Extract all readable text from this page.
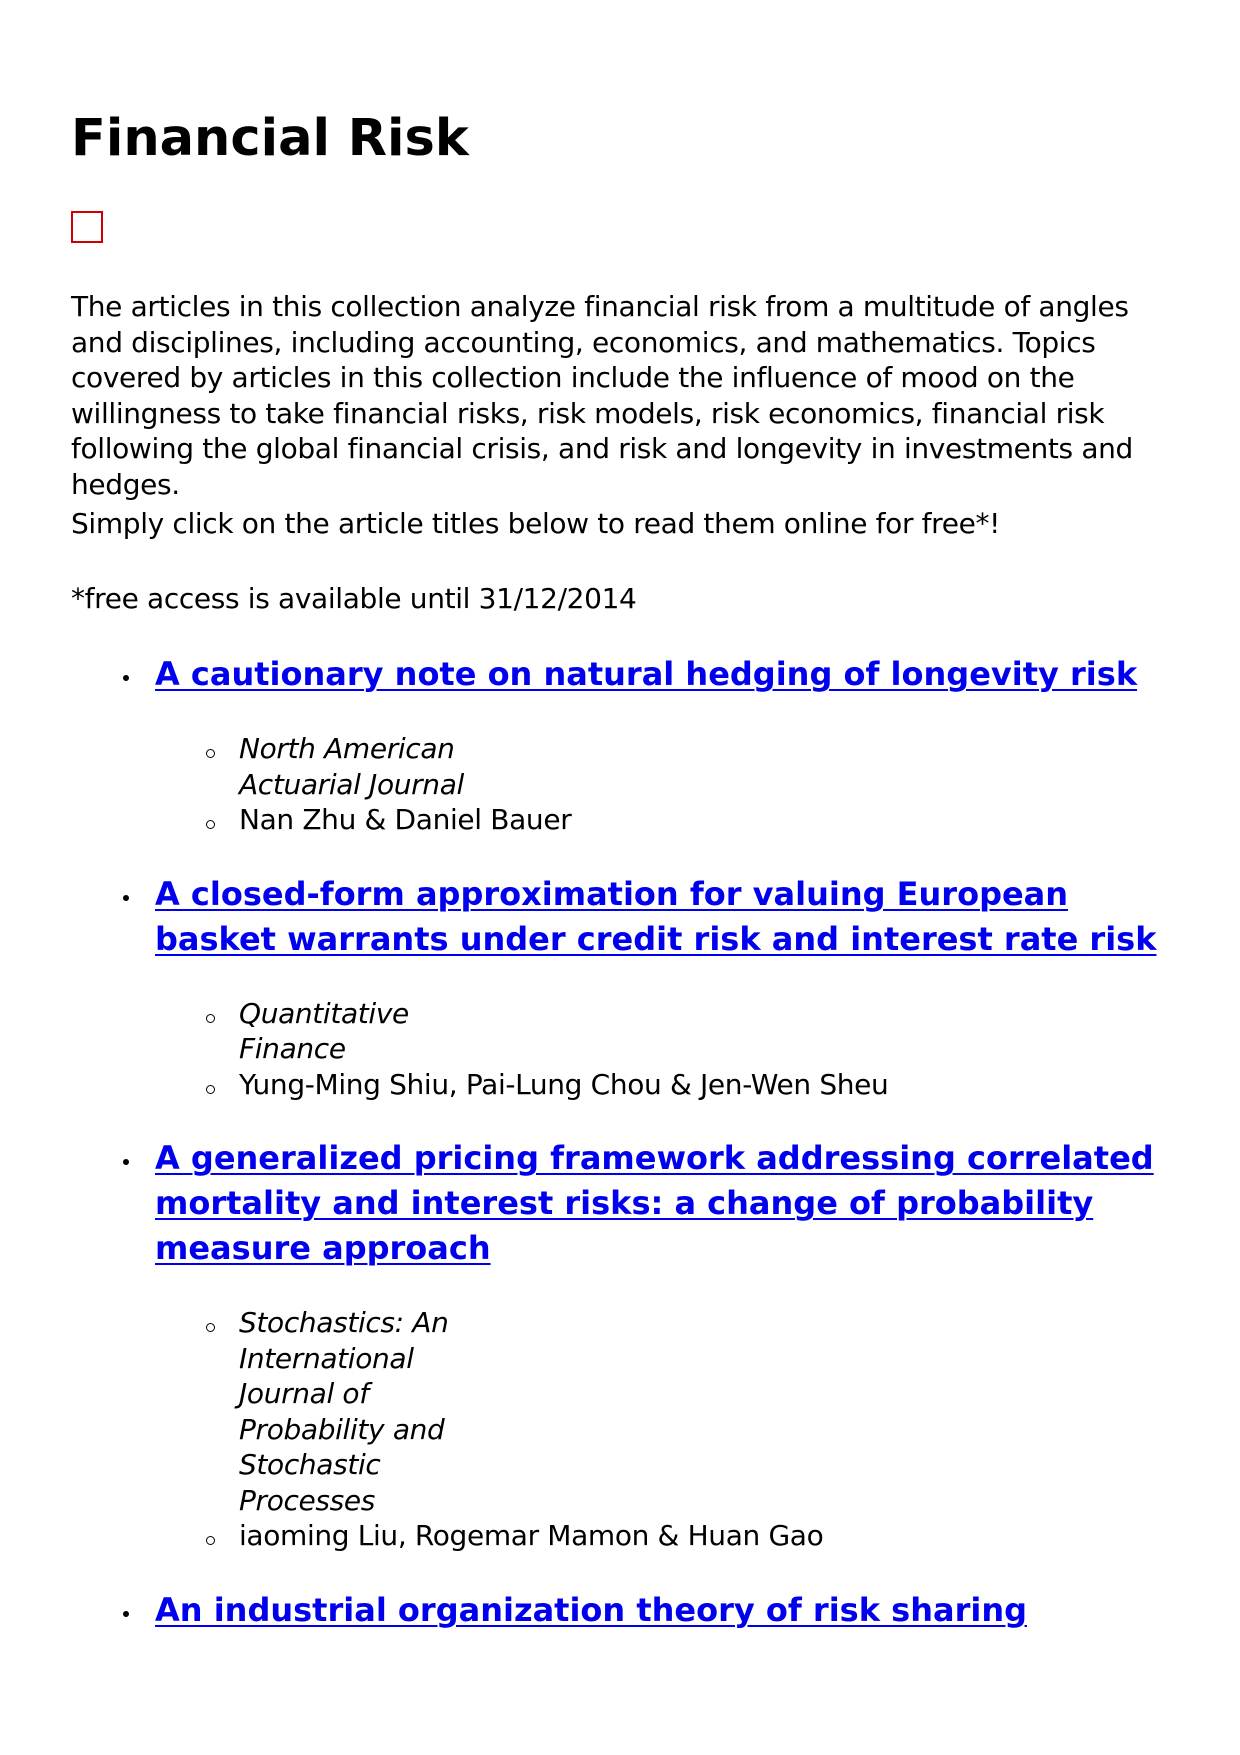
Financial Risk

The articles in this collection analyze financial risk from a multitude of angles and disciplines, including accounting, economics, and mathematics. Topics covered by articles in this collection include the influence of mood on the willingness to take financial risks, risk models, risk economics, financial risk following the global financial crisis, and risk and longevity in investments and hedges.

Simply click on the article titles below to read them online for free*!

*free access is available until 31/12/2014

A cautionary note on natural hedging of longevity risk
North American Actuarial Journal
Nan Zhu & Daniel Bauer
A closed-form approximation for valuing European basket warrants under credit risk and interest rate risk
Quantitative Finance
Yung-Ming Shiu, Pai-Lung Chou & Jen-Wen Sheu
A generalized pricing framework addressing correlated mortality and interest risks: a change of probability measure approach
Stochastics: An International Journal of Probability and Stochastic Processes
iaoming Liu, Rogemar Mamon & Huan Gao
An industrial organization theory of risk sharing
